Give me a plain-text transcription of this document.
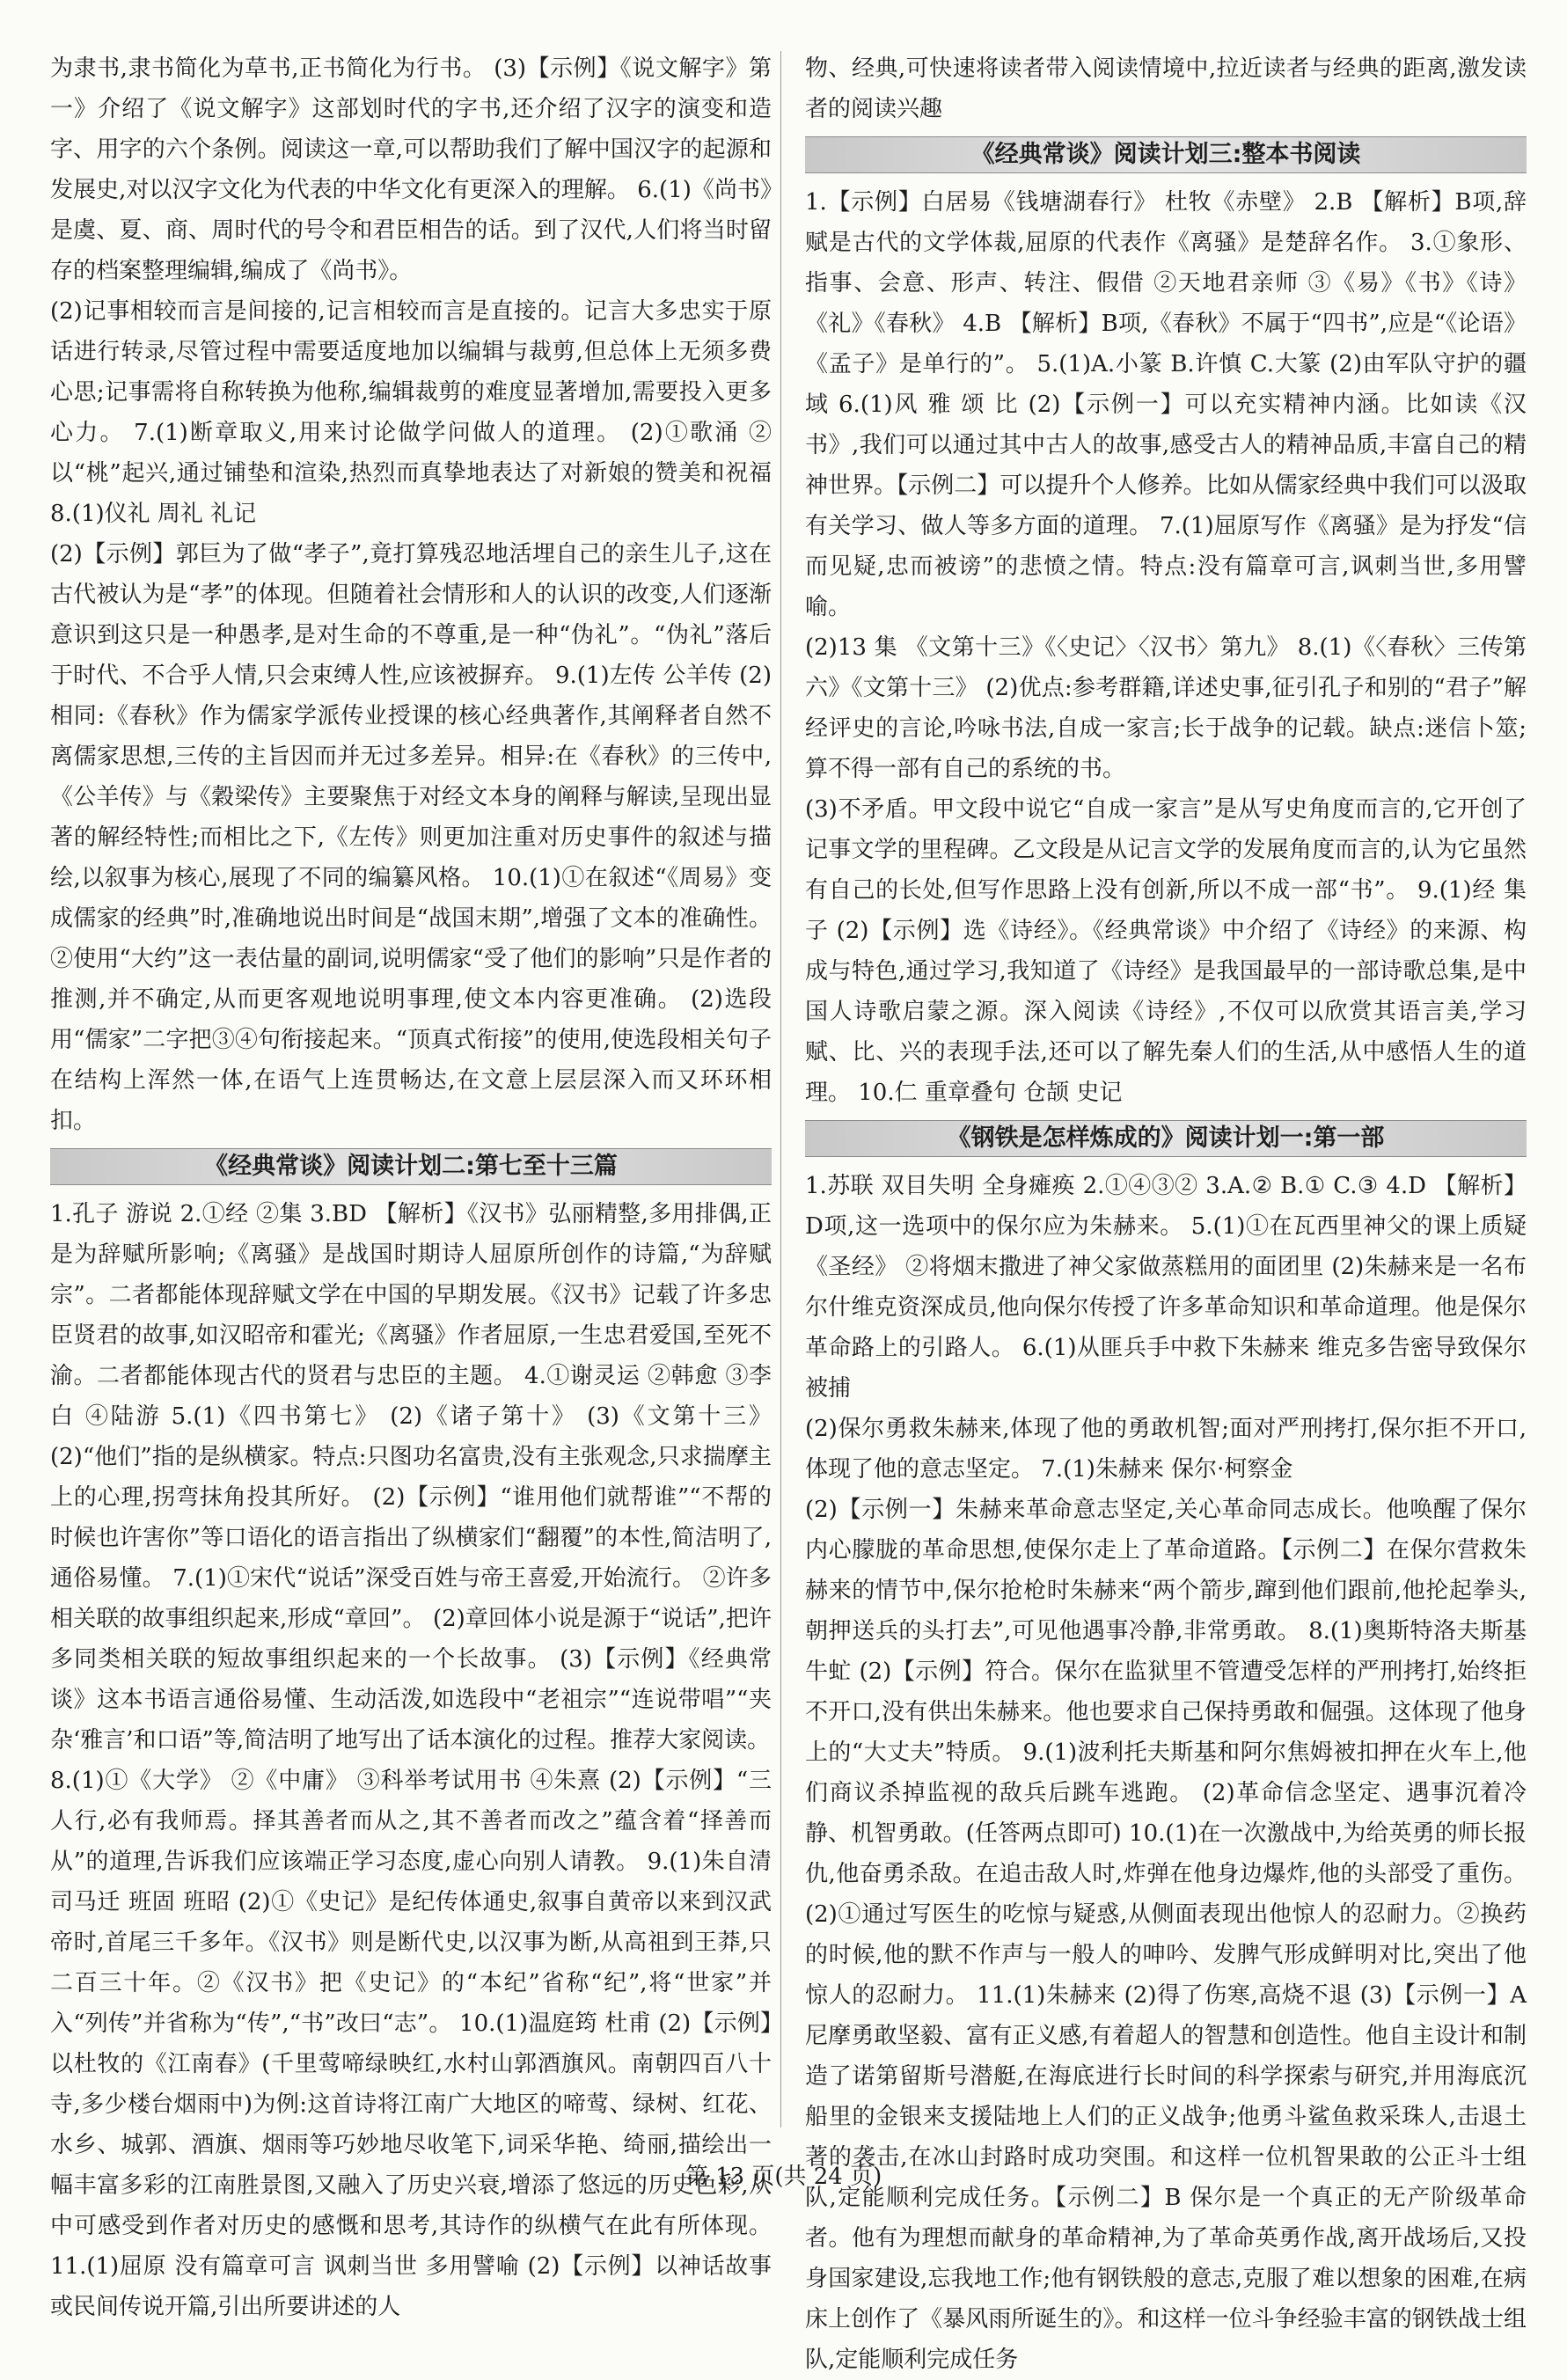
为隶书,隶书简化为草书,正书简化为行书。 (3)【示例】《说文解字》第一》介绍了《说文解字》这部划时代的字书,还介绍了汉字的演变和造字、用字的六个条例。阅读这一章,可以帮助我们了解中国汉字的起源和发展史,对以汉字文化为代表的中华文化有更深入的理解。 6.(1)《尚书》是虞、夏、商、周时代的号令和君臣相告的话。到了汉代,人们将当时留存的档案整理编辑,编成了《尚书》。

(2)记事相较而言是间接的,记言相较而言是直接的。记言大多忠实于原话进行转录,尽管过程中需要适度地加以编辑与裁剪,但总体上无须多费心思;记事需将自称转换为他称,编辑裁剪的难度显著增加,需要投入更多心力。 7.(1)断章取义,用来讨论做学问做人的道理。 (2)①歌涌 ②以“桃”起兴,通过铺垫和渲染,热烈而真挚地表达了对新娘的赞美和祝福 8.(1)仪礼 周礼 礼记

(2)【示例】郭巨为了做“孝子”,竟打算残忍地活埋自己的亲生儿子,这在古代被认为是“孝”的体现。但随着社会情形和人的认识的改变,人们逐渐意识到这只是一种愚孝,是对生命的不尊重,是一种“伪礼”。“伪礼”落后于时代、不合乎人情,只会束缚人性,应该被摒弃。 9.(1)左传 公羊传 (2)相同:《春秋》作为儒家学派传业授课的核心经典著作,其阐释者自然不离儒家思想,三传的主旨因而并无过多差异。相异:在《春秋》的三传中,《公羊传》与《穀梁传》主要聚焦于对经文本身的阐释与解读,呈现出显著的解经特性;而相比之下,《左传》则更加注重对历史事件的叙述与描绘,以叙事为核心,展现了不同的编纂风格。 10.(1)①在叙述“《周易》变成儒家的经典”时,准确地说出时间是“战国末期”,增强了文本的准确性。②使用“大约”这一表估量的副词,说明儒家“受了他们的影响”只是作者的推测,并不确定,从而更客观地说明事理,使文本内容更准确。 (2)选段用“儒家”二字把③④句衔接起来。“顶真式衔接”的使用,使选段相关句子在结构上浑然一体,在语气上连贯畅达,在文意上层层深入而又环环相扣。

《经典常谈》阅读计划二:第七至十三篇

1.孔子 游说 2.①经 ②集 3.BD 【解析】《汉书》弘丽精整,多用排偶,正是为辞赋所影响;《离骚》是战国时期诗人屈原所创作的诗篇,“为辞赋宗”。二者都能体现辞赋文学在中国的早期发展。《汉书》记载了许多忠臣贤君的故事,如汉昭帝和霍光;《离骚》作者屈原,一生忠君爱国,至死不渝。二者都能体现古代的贤君与忠臣的主题。 4.①谢灵运 ②韩愈 ③李白 ④陆游 5.(1)《四书第七》 (2)《诸子第十》 (3)《文第十三》 (2)“他们”指的是纵横家。特点:只图功名富贵,没有主张观念,只求揣摩主上的心理,拐弯抹角投其所好。 (2)【示例】“谁用他们就帮谁”“不帮的时候也许害你”等口语化的语言指出了纵横家们“翻覆”的本性,简洁明了,通俗易懂。 7.(1)①宋代“说话”深受百姓与帝王喜爱,开始流行。 ②许多相关联的故事组织起来,形成“章回”。 (2)章回体小说是源于“说话”,把许多同类相关联的短故事组织起来的一个长故事。 (3)【示例】《经典常谈》这本书语言通俗易懂、生动活泼,如选段中“老祖宗”“连说带唱”“夹杂‘雅言’和口语”等,简洁明了地写出了话本演化的过程。推荐大家阅读。

8.(1)①《大学》 ②《中庸》 ③科举考试用书 ④朱熹 (2)【示例】“三人行,必有我师焉。择其善者而从之,其不善者而改之”蕴含着“择善而从”的道理,告诉我们应该端正学习态度,虚心向别人请教。 9.(1)朱自清 司马迁 班固 班昭 (2)①《史记》是纪传体通史,叙事自黄帝以来到汉武帝时,首尾三千多年。《汉书》则是断代史,以汉事为断,从高祖到王莽,只二百三十年。②《汉书》把《史记》的“本纪”省称“纪”,将“世家”并入“列传”并省称为“传”,“书”改曰“志”。 10.(1)温庭筠 杜甫 (2)【示例】以杜牧的《江南春》(千里莺啼绿映红,水村山郭酒旗风。南朝四百八十寺,多少楼台烟雨中)为例:这首诗将江南广大地区的啼莺、绿树、红花、水乡、城郭、酒旗、烟雨等巧妙地尽收笔下,词采华艳、绮丽,描绘出一幅丰富多彩的江南胜景图,又融入了历史兴衰,增添了悠远的历史色彩,从中可感受到作者对历史的感慨和思考,其诗作的纵横气在此有所体现。 11.(1)屈原 没有篇章可言 讽刺当世 多用譬喻 (2)【示例】以神话故事或民间传说开篇,引出所要讲述的人

物、经典,可快速将读者带入阅读情境中,拉近读者与经典的距离,激发读者的阅读兴趣

《经典常谈》阅读计划三:整本书阅读

1.【示例】白居易《钱塘湖春行》 杜牧《赤壁》 2.B 【解析】B项,辞赋是古代的文学体裁,屈原的代表作《离骚》是楚辞名作。 3.①象形、指事、会意、形声、转注、假借 ②天地君亲师 ③《易》《书》《诗》《礼》《春秋》 4.B 【解析】B项,《春秋》不属于“四书”,应是“《论语》《孟子》是单行的”。 5.(1)A.小篆 B.许慎 C.大篆 (2)由军队守护的疆域 6.(1)风 雅 颂 比 (2)【示例一】可以充实精神内涵。比如读《汉书》,我们可以通过其中古人的故事,感受古人的精神品质,丰富自己的精神世界。【示例二】可以提升个人修养。比如从儒家经典中我们可以汲取有关学习、做人等多方面的道理。 7.(1)屈原写作《离骚》是为抒发“信而见疑,忠而被谤”的悲愤之情。特点:没有篇章可言,讽刺当世,多用譬喻。

(2)13 集 《文第十三》《〈史记〉〈汉书〉第九》 8.(1)《〈春秋〉三传第六》《文第十三》 (2)优点:参考群籍,详述史事,征引孔子和别的“君子”解经评史的言论,吟咏书法,自成一家言;长于战争的记载。缺点:迷信卜筮;算不得一部有自己的系统的书。

(3)不矛盾。甲文段中说它“自成一家言”是从写史角度而言的,它开创了记事文学的里程碑。乙文段是从记言文学的发展角度而言的,认为它虽然有自己的长处,但写作思路上没有创新,所以不成一部“书”。 9.(1)经 集 子 (2)【示例】选《诗经》。《经典常谈》中介绍了《诗经》的来源、构成与特色,通过学习,我知道了《诗经》是我国最早的一部诗歌总集,是中国人诗歌启蒙之源。深入阅读《诗经》,不仅可以欣赏其语言美,学习赋、比、兴的表现手法,还可以了解先秦人们的生活,从中感悟人生的道理。 10.仁 重章叠句 仓颉 史记

《钢铁是怎样炼成的》阅读计划一:第一部

1.苏联 双目失明 全身瘫痪 2.①④③② 3.A.② B.① C.③ 4.D 【解析】D项,这一选项中的保尔应为朱赫来。 5.(1)①在瓦西里神父的课上质疑《圣经》 ②将烟末撒进了神父家做蒸糕用的面团里 (2)朱赫来是一名布尔什维克资深成员,他向保尔传授了许多革命知识和革命道理。他是保尔革命路上的引路人。 6.(1)从匪兵手中救下朱赫来 维克多告密导致保尔被捕

(2)保尔勇救朱赫来,体现了他的勇敢机智;面对严刑拷打,保尔拒不开口,体现了他的意志坚定。 7.(1)朱赫来 保尔·柯察金

(2)【示例一】朱赫来革命意志坚定,关心革命同志成长。他唤醒了保尔内心朦胧的革命思想,使保尔走上了革命道路。【示例二】在保尔营救朱赫来的情节中,保尔抢枪时朱赫来“两个箭步,蹿到他们跟前,他抡起拳头,朝押送兵的头打去”,可见他遇事冷静,非常勇敢。 8.(1)奥斯特洛夫斯基 牛虻 (2)【示例】符合。保尔在监狱里不管遭受怎样的严刑拷打,始终拒不开口,没有供出朱赫来。他也要求自己保持勇敢和倔强。这体现了他身上的“大丈夫”特质。 9.(1)波利托夫斯基和阿尔焦姆被扣押在火车上,他们商议杀掉监视的敌兵后跳车逃跑。 (2)革命信念坚定、遇事沉着冷静、机智勇敢。(任答两点即可) 10.(1)在一次激战中,为给英勇的师长报仇,他奋勇杀敌。在追击敌人时,炸弹在他身边爆炸,他的头部受了重伤。 (2)①通过写医生的吃惊与疑惑,从侧面表现出他惊人的忍耐力。②换药的时候,他的默不作声与一般人的呻吟、发脾气形成鲜明对比,突出了他惊人的忍耐力。 11.(1)朱赫来 (2)得了伤寒,高烧不退 (3)【示例一】A 尼摩勇敢坚毅、富有正义感,有着超人的智慧和创造性。他自主设计和制造了诺第留斯号潜艇,在海底进行长时间的科学探索与研究,并用海底沉船里的金银来支援陆地上人们的正义战争;他勇斗鲨鱼救采珠人,击退土著的袭击,在冰山封路时成功突围。和这样一位机智果敢的公正斗士组队,定能顺利完成任务。【示例二】B 保尔是一个真正的无产阶级革命者。他有为理想而献身的革命精神,为了革命英勇作战,离开战场后,又投身国家建设,忘我地工作;他有钢铁般的意志,克服了难以想象的困难,在病床上创作了《暴风雨所诞生的》。和这样一位斗争经验丰富的钢铁战士组队,定能顺利完成任务

第 13 页(共 24 页)
